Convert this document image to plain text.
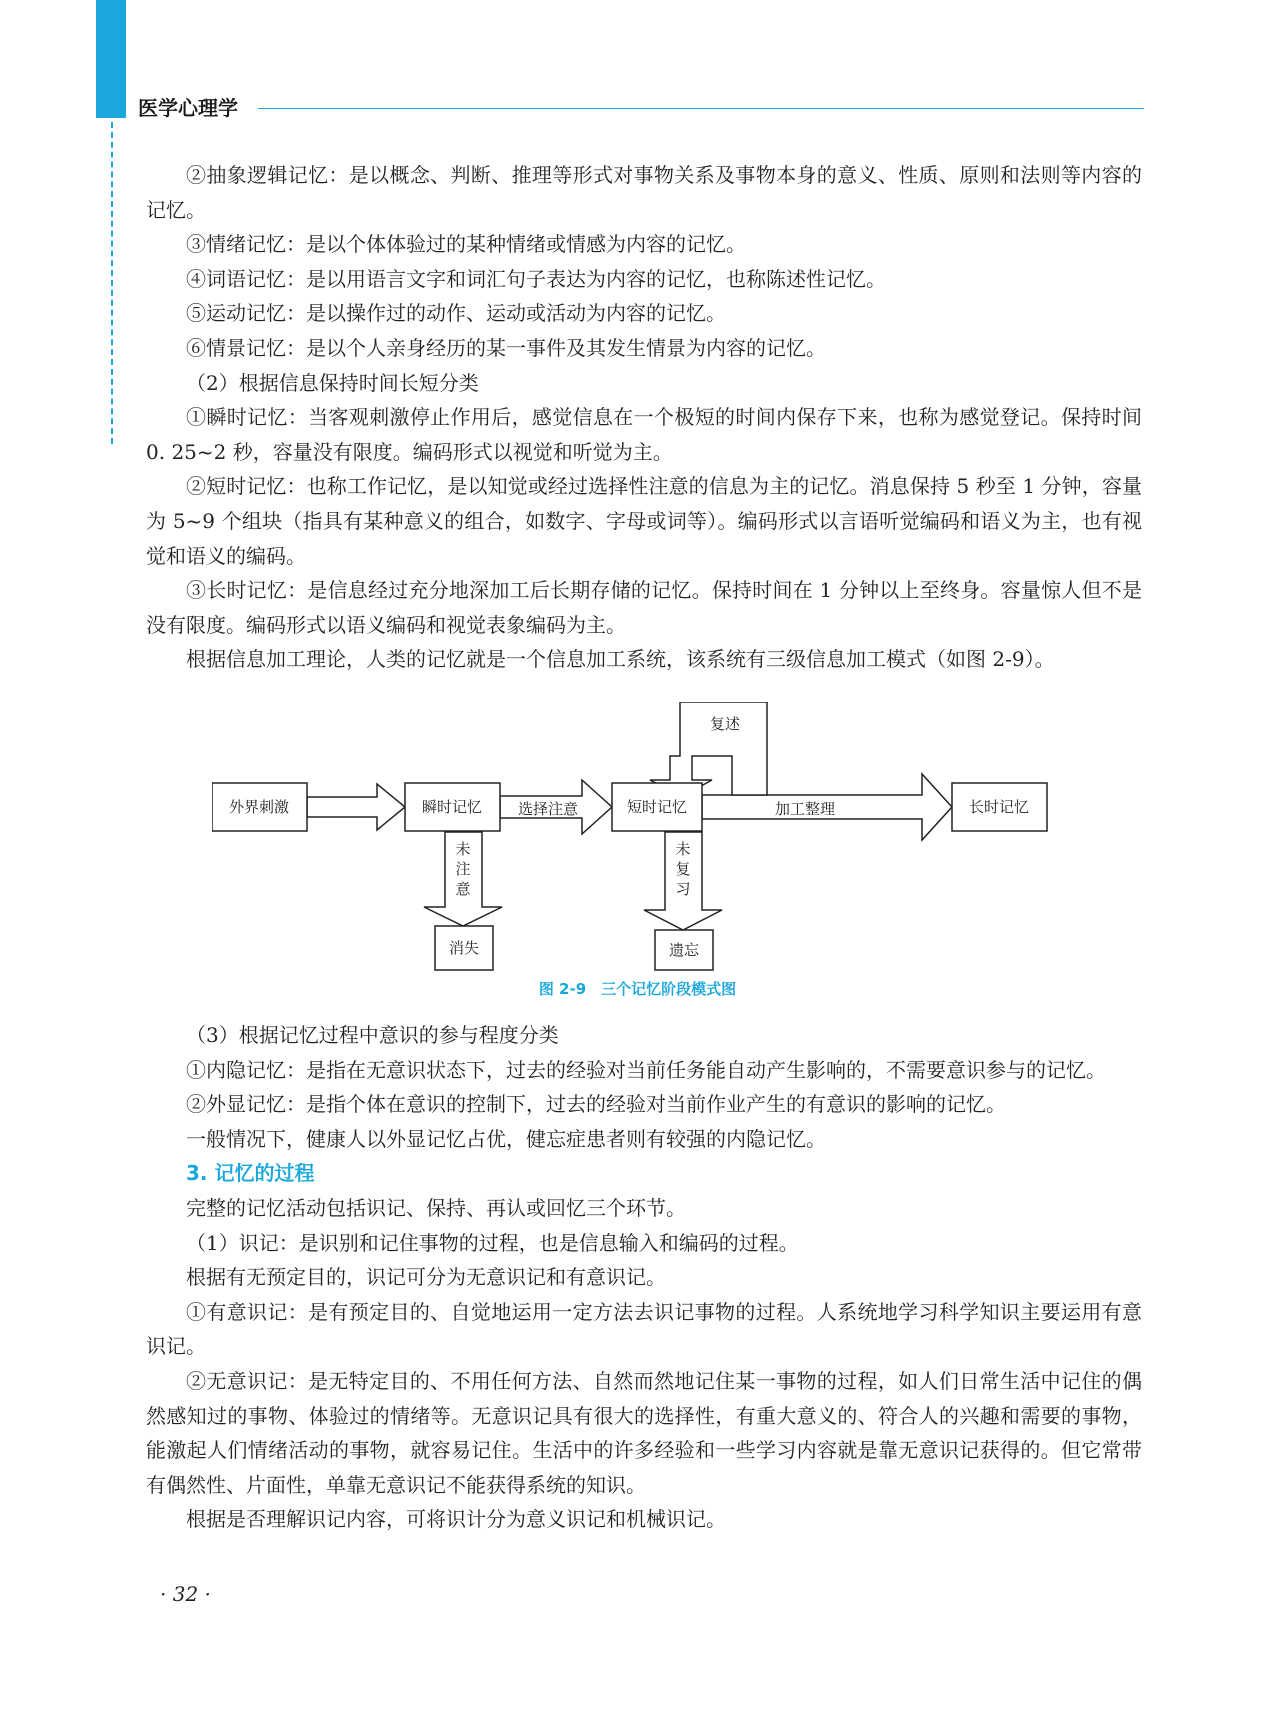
医学心理学

②抽象逻辑记忆：是以概念、判断、推理等形式对事物关系及事物本身的意义、性质、原则和法则等内容的记忆。

③情绪记忆：是以个体体验过的某种情绪或情感为内容的记忆。

④词语记忆：是以用语言文字和词汇句子表达为内容的记忆，也称陈述性记忆。

⑤运动记忆：是以操作过的动作、运动或活动为内容的记忆。

⑥情景记忆：是以个人亲身经历的某一事件及其发生情景为内容的记忆。

（2）根据信息保持时间长短分类

①瞬时记忆：当客观刺激停止作用后，感觉信息在一个极短的时间内保存下来，也称为感觉登记。保持时间 0. 25~2 秒，容量没有限度。编码形式以视觉和听觉为主。

②短时记忆：也称工作记忆，是以知觉或经过选择性注意的信息为主的记忆。消息保持 5 秒至 1 分钟，容量为 5~9 个组块（指具有某种意义的组合，如数字、字母或词等）。编码形式以言语听觉编码和语义为主，也有视觉和语义的编码。

③长时记忆：是信息经过充分地深加工后长期存储的记忆。保持时间在 1 分钟以上至终身。容量惊人但不是没有限度。编码形式以语义编码和视觉表象编码为主。

根据信息加工理论，人类的记忆就是一个信息加工系统，该系统有三级信息加工模式（如图 2-9）。

外界刺激	瞬时记忆 选择注意	短时记忆	加工整理	长时记忆
复述
未
注
意
未
复
习
消失	遗忘
图 2-9　三个记忆阶段模式图

（3）根据记忆过程中意识的参与程度分类

①内隐记忆：是指在无意识状态下，过去的经验对当前任务能自动产生影响的，不需要意识参与的记忆。

②外显记忆：是指个体在意识的控制下，过去的经验对当前作业产生的有意识的影响的记忆。

一般情况下，健康人以外显记忆占优，健忘症患者则有较强的内隐记忆。

3. 记忆的过程

完整的记忆活动包括识记、保持、再认或回忆三个环节。

（1）识记：是识别和记住事物的过程，也是信息输入和编码的过程。

根据有无预定目的，识记可分为无意识记和有意识记。

①有意识记：是有预定目的、自觉地运用一定方法去识记事物的过程。人系统地学习科学知识主要运用有意识记。

②无意识记：是无特定目的、不用任何方法、自然而然地记住某一事物的过程，如人们日常生活中记住的偶然感知过的事物、体验过的情绪等。无意识记具有很大的选择性，有重大意义的、符合人的兴趣和需要的事物，能激起人们情绪活动的事物，就容易记住。生活中的许多经验和一些学习内容就是靠无意识记获得的。但它常带有偶然性、片面性，单靠无意识记不能获得系统的知识。

根据是否理解识记内容，可将识计分为意义识记和机械识记。

· 32 ·
